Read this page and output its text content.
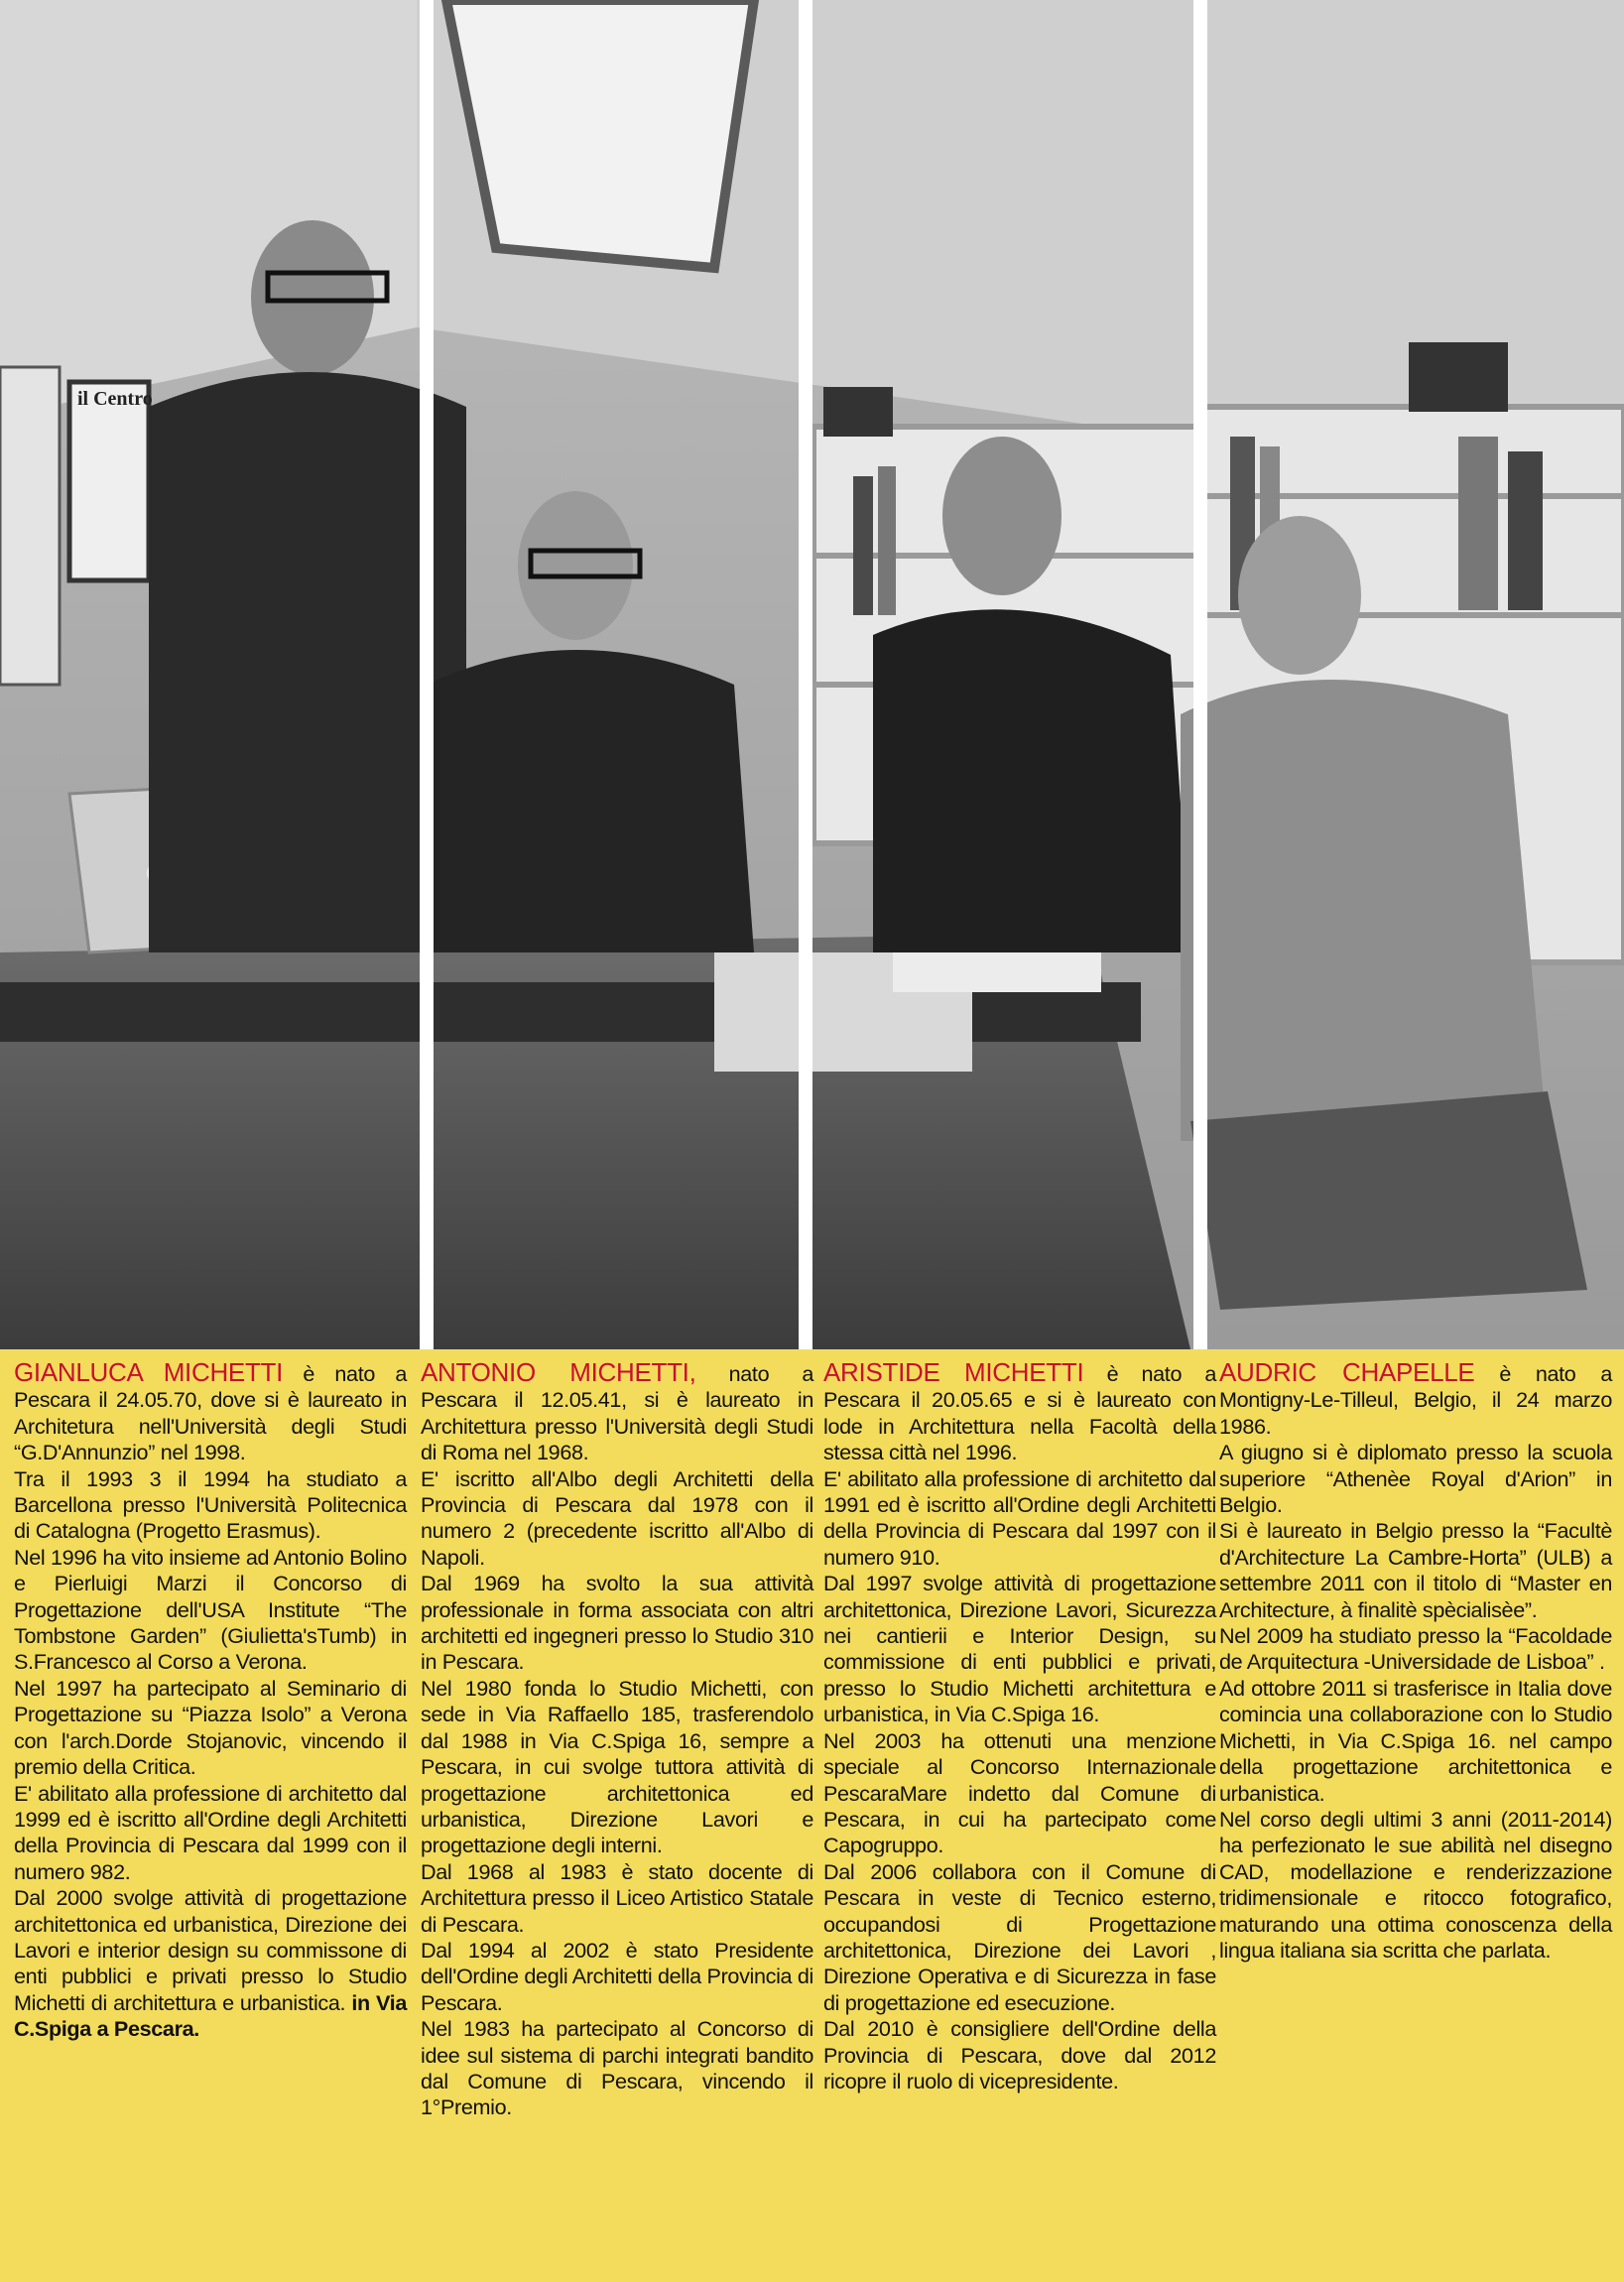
il Centro

GIANLUCA MICHETTI è nato a Pescara il 24.05.70, dove si è laureato in Architetura nell'Università degli Studi “G.D'Annunzio” nel 1998.

Tra il 1993 3 il 1994 ha studiato a Barcellona presso l'Università Politecnica di Catalogna (Progetto Erasmus).

Nel 1996 ha vito insieme ad Antonio Bolino e Pierluigi Marzi il Concorso di Progettazione dell'USA Institute “The Tombstone Garden” (Giulietta'sTumb) in S.Francesco al Corso a Verona.

Nel 1997 ha partecipato al Seminario di Progettazione su “Piazza Isolo” a Verona con l'arch.Dorde Stojanovic, vincendo il premio della Critica.

E' abilitato alla professione di architetto dal 1999 ed è iscritto all'Ordine degli Architetti della Provincia di Pescara dal 1999 con il numero 982.

Dal 2000 svolge attività di progettazione architettonica ed urbanistica, Direzione dei Lavori e interior design su commissone di enti pubblici e privati presso lo Studio Michetti di architettura e urbanistica. in Via C.Spiga a Pescara.

ANTONIO MICHETTI, nato a Pescara il 12.05.41, si è laureato in Architettura presso l'Università degli Studi di Roma nel 1968.

E' iscritto all'Albo degli Architetti della Provincia di Pescara dal 1978 con il numero 2 (precedente iscritto all'Albo di Napoli.

Dal 1969 ha svolto la sua attività professionale in forma associata con altri architetti ed ingegneri presso lo Studio 310 in Pescara.

Nel 1980 fonda lo Studio Michetti, con sede in Via Raffaello 185, trasferendolo dal 1988 in Via C.Spiga 16, sempre a Pescara, in cui svolge tuttora attività di progettazione architettonica ed urbanistica, Direzione Lavori e progettazione degli interni.

Dal 1968 al 1983 è stato docente di Architettura presso il Liceo Artistico Statale di Pescara.

Dal 1994 al 2002 è stato Presidente dell'Ordine degli Architetti della Provincia di Pescara.

Nel 1983 ha partecipato al Concorso di idee sul sistema di parchi integrati bandito dal Comune di Pescara, vincendo il 1°Premio.

ARISTIDE MICHETTI è nato a Pescara il 20.05.65 e si è laureato con lode in Architettura nella Facoltà della stessa città nel 1996.

E' abilitato alla professione di architetto dal 1991 ed è iscritto all'Ordine degli Architetti della Provincia di Pescara dal 1997 con il numero 910.

Dal 1997 svolge attività di progettazione architettonica, Direzione Lavori, Sicurezza nei cantierii e Interior Design, su commissione di enti pubblici e privati, presso lo Studio Michetti architettura e urbanistica, in Via C.Spiga 16.

Nel 2003 ha ottenuti una menzione speciale al Concorso Internazionale PescaraMare indetto dal Comune di Pescara, in cui ha partecipato come Capogruppo.

Dal 2006 collabora con il Comune di Pescara in veste di Tecnico esterno, occupandosi di Progettazione architettonica, Direzione dei Lavori , Direzione Operativa e di Sicurezza in fase di progettazione ed esecuzione.

Dal 2010 è consigliere dell'Ordine della Provincia di Pescara, dove dal 2012 ricopre il ruolo di vicepresidente.

AUDRIC CHAPELLE è nato a Montigny-Le-Tilleul, Belgio, il 24 marzo 1986.

A giugno si è diplomato presso la scuola superiore “Athenèe Royal d'Arion” in Belgio.

Si è laureato in Belgio presso la “Facultè d'Architecture La Cambre-Horta” (ULB) a settembre 2011 con il titolo di “Master en Architecture, à finalitè spècialisèe”.

Nel 2009 ha studiato presso la “Facoldade de Arquitectura -Universidade de Lisboa” .

Ad ottobre 2011 si trasferisce in Italia dove comincia una collaborazione con lo Studio Michetti, in Via C.Spiga 16. nel campo della progettazione architettonica e urbanistica.

Nel corso degli ultimi 3 anni (2011-2014) ha perfezionato le sue abilità nel disegno CAD, modellazione e renderizzazione tridimensionale e ritocco fotografico, maturando una ottima conoscenza della lingua italiana sia scritta che parlata.
